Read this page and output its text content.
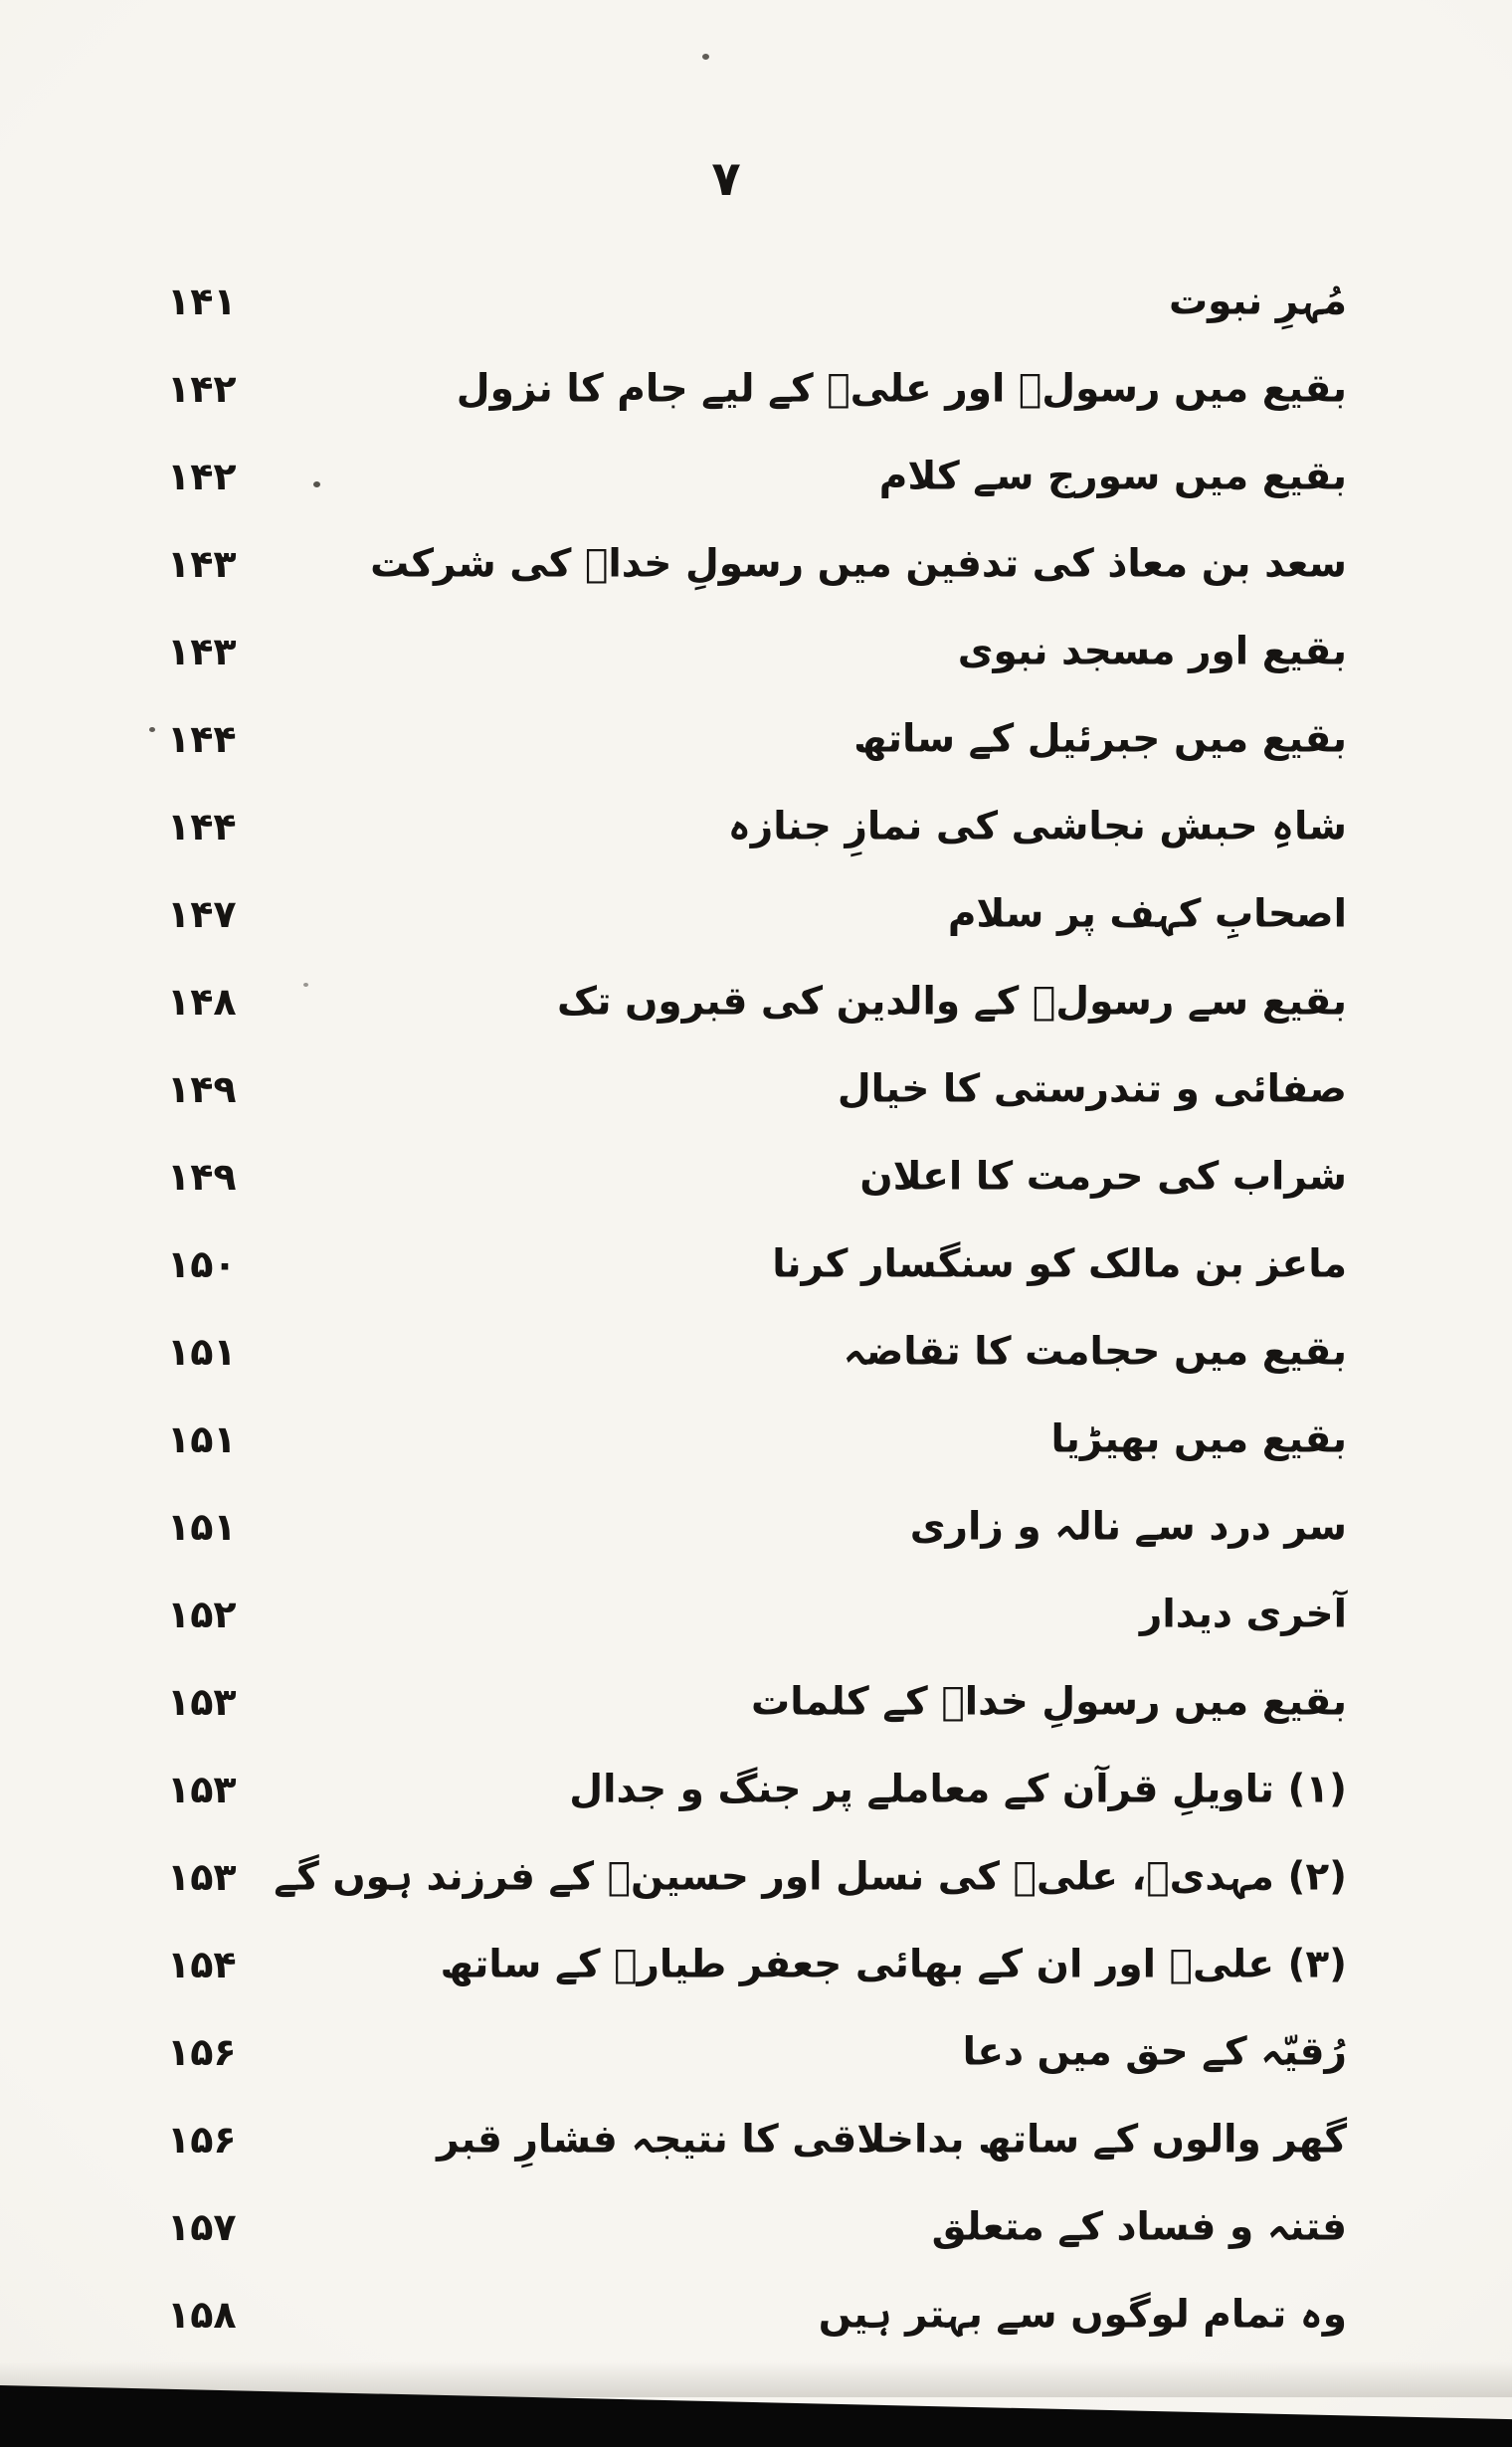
۷
۱۴۱	مُہرِ نبوت
۱۴۲	بقیع میں رسولؐ اور علیؑ کے لیے جام کا نزول
۱۴۲	بقیع میں سورج سے کلام
۱۴۳	سعد بن معاذ کی تدفین میں رسولِ خداؐ کی شرکت
۱۴۳	بقیع اور مسجد نبوی
۱۴۴	بقیع میں جبرئیل کے ساتھ
۱۴۴	شاہِ حبش نجاشی کی نمازِ جنازہ
۱۴۷	اصحابِ کہف پر سلام
۱۴۸	بقیع سے رسولؐ کے والدین کی قبروں تک
۱۴۹	صفائی و تندرستی کا خیال
۱۴۹	شراب کی حرمت کا اعلان
۱۵۰	ماعز بن مالک کو سنگسار کرنا
۱۵۱	بقیع میں حجامت کا تقاضہ
۱۵۱	بقیع میں بھیڑیا
۱۵۱	سر درد سے نالہ و زاری
۱۵۲	آخری دیدار
۱۵۳	بقیع میں رسولِ خداؐ کے کلمات
۱۵۳	(۱) تاویلِ قرآن کے معاملے پر جنگ و جدال
۱۵۳ (۲) مہدیؑ، علیؑ کی نسل اور حسینؑ کے فرزند ہوں گے
۱۵۴	(۳) علیؑ اور ان کے بھائی جعفر طیارؑ کے ساتھ
۱۵۶	رُقیّہ کے حق میں دعا
۱۵۶	گھر والوں کے ساتھ بداخلاقی کا نتیجہ فشارِ قبر
۱۵۷	فتنہ و فساد کے متعلق
۱۵۸	وہ تمام لوگوں سے بہتر ہیں
